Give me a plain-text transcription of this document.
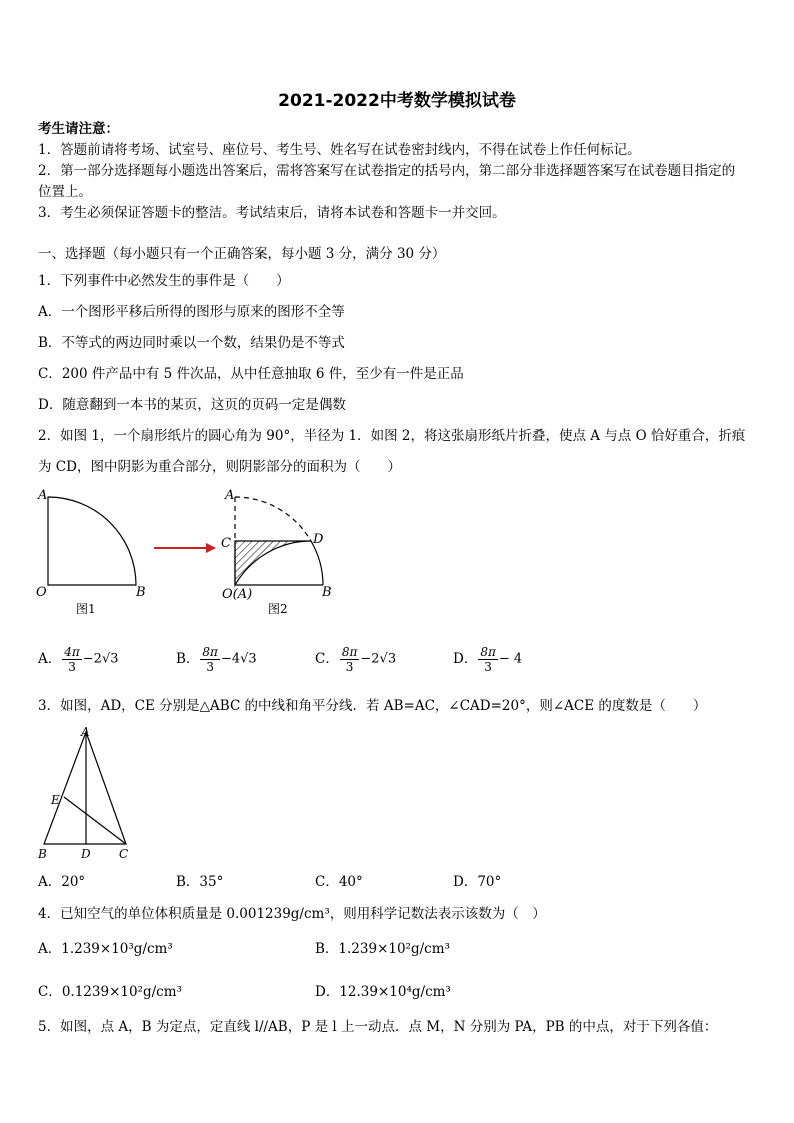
2021-2022中考数学模拟试卷
考生请注意：
1．答题前请将考场、试室号、座位号、考生号、姓名写在试卷密封线内，不得在试卷上作任何标记。
2．第一部分选择题每小题选出答案后，需将答案写在试卷指定的括号内，第二部分非选择题答案写在试卷题目指定的
位置上。
3．考生必须保证答题卡的整洁。考试结束后，请将本试卷和答题卡一并交回。
一、选择题（每小题只有一个正确答案，每小题 3 分，满分 30 分）
1．下列事件中必然发生的事件是（　　）
A．一个图形平移后所得的图形与原来的图形不全等
B．不等式的两边同时乘以一个数，结果仍是不等式
C．200 件产品中有 5 件次品，从中任意抽取 6 件，至少有一件是正品
D．随意翻到一本书的某页，这页的页码一定是偶数
2．如图 1，一个扇形纸片的圆心角为 90°，半径为 1．如图 2，将这张扇形纸片折叠，使点 A 与点 O 恰好重合，折痕
为 CD，图中阴影为重合部分，则阴影部分的面积为（　　）
A
O	B
图1
A
C	D
O(A)	B
图2
A． $\frac{4\pi}{3} -2√3$	B． $\frac{8\pi}{3} -4√3$	C． $\frac{8\pi}{3} -2√3$	D． $\frac{8\pi}{3} - 4$
3．如图，AD，CE 分别是△ABC 的中线和角平分线．若 AB=AC，∠CAD=20°，则∠ACE 的度数是（　　）
A
E
B	D C
A．20°	B．35°	C．40°	D．70°
4．已知空气的单位体积质量是 0.001239g/cm³，则用科学记数法表示该数为（　）
A．1.239×10³g/cm³	B．1.239×10²g/cm³
C．0.1239×10²g/cm³	D．12.39×10⁴g/cm³
5．如图，点 A，B 为定点，定直线 l//AB，P 是 l 上一动点．点 M，N 分别为 PA，PB 的中点，对于下列各值：
